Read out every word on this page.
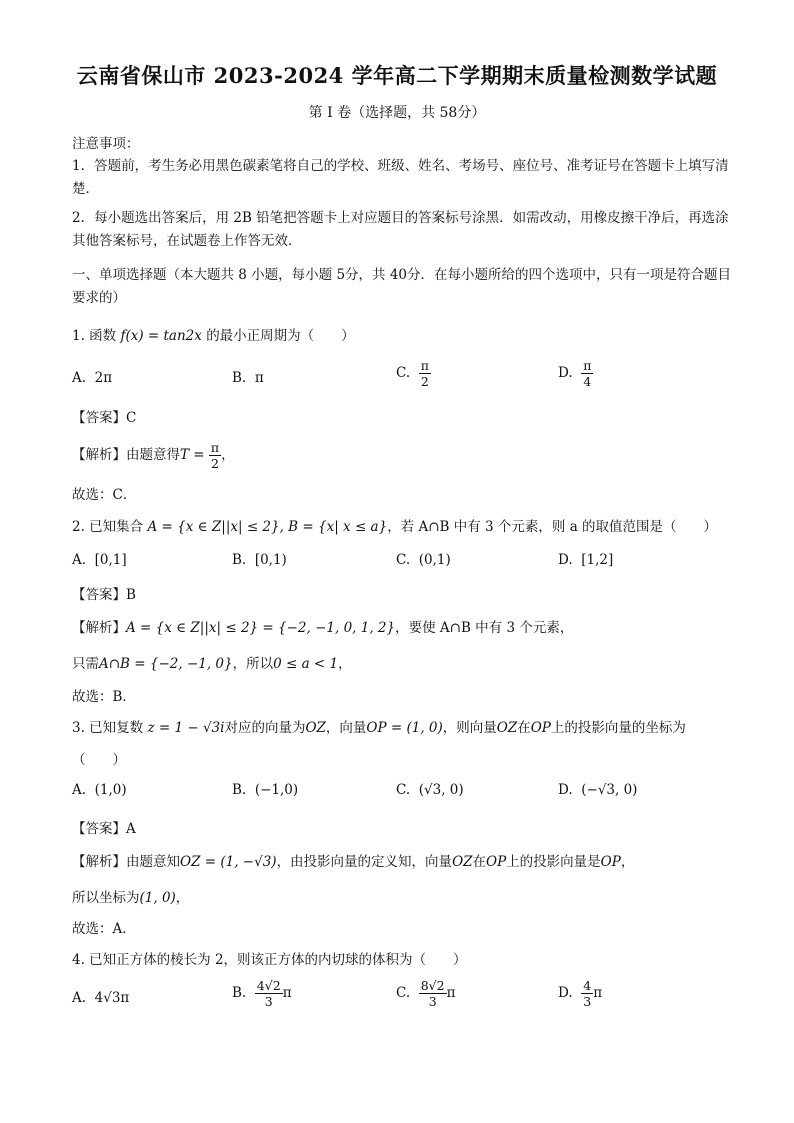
云南省保山市 2023-2024 学年高二下学期期末质量检测数学试题
第 I 卷（选择题，共 58分）
注意事项：
1．答题前，考生务必用黑色碳素笔将自己的学校、班级、姓名、考场号、座位号、准考证号在答题卡上填写清楚．
2．每小题选出答案后，用 2B 铅笔把答题卡上对应题目的答案标号涂黑．如需改动，用橡皮擦干净后，再选涂其他答案标号，在试题卷上作答无效．
一、单项选择题（本大题共 8 小题，每小题 5分，共 40分．在每小题所给的四个选项中，只有一项是符合题目要求的）
1. 函数 f(x) = tan2x 的最小正周期为（　　）
A. 2π	B. π	C. $\frac{\pi}{2}$	D. $\frac{\pi}{4}$
【答案】C
【解析】由题意得$T = \frac{\pi}{2}$ ，
故选：C．
2. 已知集合 A = {x ∈ Z||x| ≤ 2}, B = {x| x ≤ a}，若 A∩B 中有 3 个元素，则 a 的取值范围是（　　）
A. [0,1]	B. [0,1)	C. (0,1)	D. [1,2]
【答案】B
【解析】A = {x ∈ Z||x| ≤ 2} = {−2, −1, 0, 1, 2}，要使 A∩B 中有 3 个元素，
只需A∩B = {−2, −1, 0}，所以0 ≤ a < 1，
故选：B．
3. 已知复数 z = 1 − √3i对应的向量为OZ，向量OP = (1, 0)，则向量OZ在OP上的投影向量的坐标为
（　　）
A. (1,0)	B. (−1,0)	C. (√3, 0)	D. (−√3, 0)
【答案】A
【解析】由题意知OZ = (1, −√3)，由投影向量的定义知，向量OZ在OP上的投影向量是OP，
所以坐标为(1, 0)，
故选：A．
4. 已知正方体的棱长为 2，则该正方体的内切球的体积为（　　）
A. 4√3π	B. $\frac{4√2}{3}$ π	C. $\frac{8√2}{3}$ π	D. $\frac{4}{3}$ π
